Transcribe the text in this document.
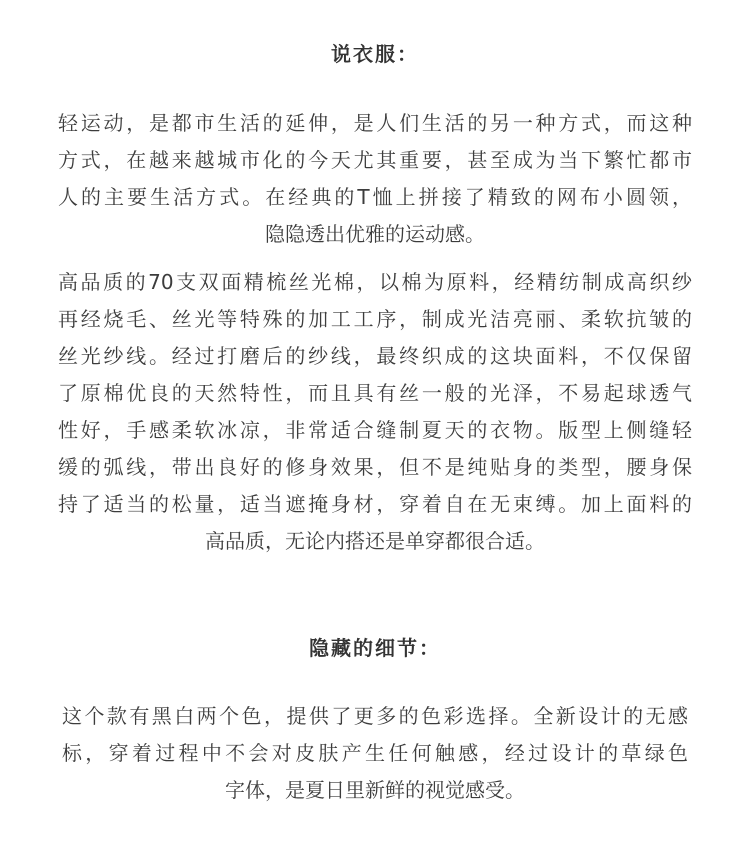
说衣服：
轻运动，是都市生活的延伸，是人们生活的另一种方式，而这种
方式，在越来越城市化的今天尤其重要，甚至成为当下繁忙都市
人的主要生活方式。在经典的T恤上拼接了精致的网布小圆领，
隐隐透出优雅的运动感。
高品质的70支双面精梳丝光棉，以棉为原料，经精纺制成高织纱
再经烧毛、丝光等特殊的加工工序，制成光洁亮丽、柔软抗皱的
丝光纱线。经过打磨后的纱线，最终织成的这块面料，不仅保留
了原棉优良的天然特性，而且具有丝一般的光泽，不易起球透气
性好，手感柔软冰凉，非常适合缝制夏天的衣物。版型上侧缝轻
缓的弧线，带出良好的修身效果，但不是纯贴身的类型，腰身保
持了适当的松量，适当遮掩身材，穿着自在无束缚。加上面料的
高品质，无论内搭还是单穿都很合适。
隐藏的细节：
这个款有黑白两个色，提供了更多的色彩选择。全新设计的无感
标，穿着过程中不会对皮肤产生任何触感，经过设计的草绿色
字体，是夏日里新鲜的视觉感受。
